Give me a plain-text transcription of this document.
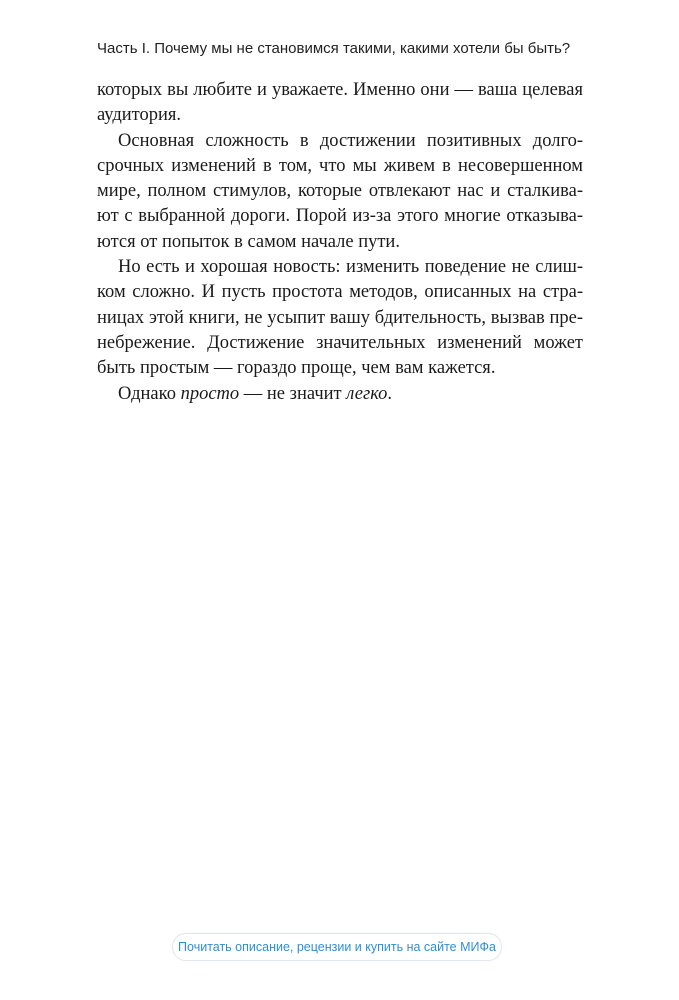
Часть I. Почему мы не становимся такими, какими хотели бы быть?

которых вы любите и уважаете. Именно они — ваша целевая
аудитория.

Основная сложность в достижении позитивных долго-
срочных изменений в том, что мы живем в несовершенном
мире, полном стимулов, которые отвлекают нас и сталкива-
ют с выбранной дороги. Порой из-за этого многие отказыва-
ются от попыток в самом начале пути.

Но есть и хорошая новость: изменить поведение не слиш-
ком сложно. И пусть простота методов, описанных на стра-
ницах этой книги, не усыпит вашу бдительность, вызвав пре-
небрежение. Достижение значительных изменений может
быть простым — гораздо проще, чем вам кажется.

Однако просто — не значит легко.

Почитать описание, рецензии и купить на сайте МИФа
